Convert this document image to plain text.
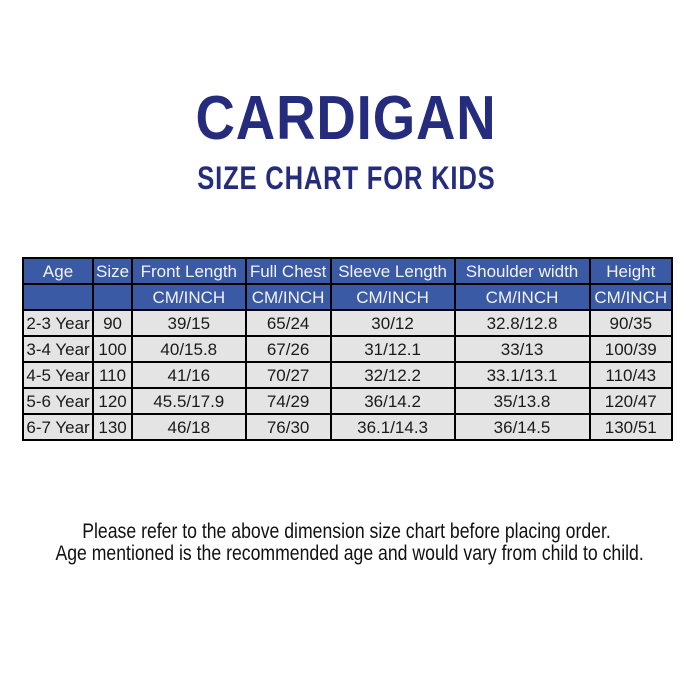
CARDIGAN
SIZE CHART FOR KIDS
Age	Size	Front Length	Full Chest	Sleeve Length	Shoulder width	Height
		CM/INCH	CM/INCH	CM/INCH	CM/INCH	CM/INCH
2-3 Year	90	39/15	65/24	30/12	32.8/12.8	90/35
3-4 Year	100	40/15.8	67/26	31/12.1	33/13	100/39
4-5 Year	110	41/16	70/27	32/12.2	33.1/13.1	110/43
5-6 Year	120	45.5/17.9	74/29	36/14.2	35/13.8	120/47
6-7 Year	130	46/18	76/30	36.1/14.3	36/14.5	130/51
Please refer to the above dimension size chart before placing order.
Age mentioned is the recommended age and would vary from child to child.
